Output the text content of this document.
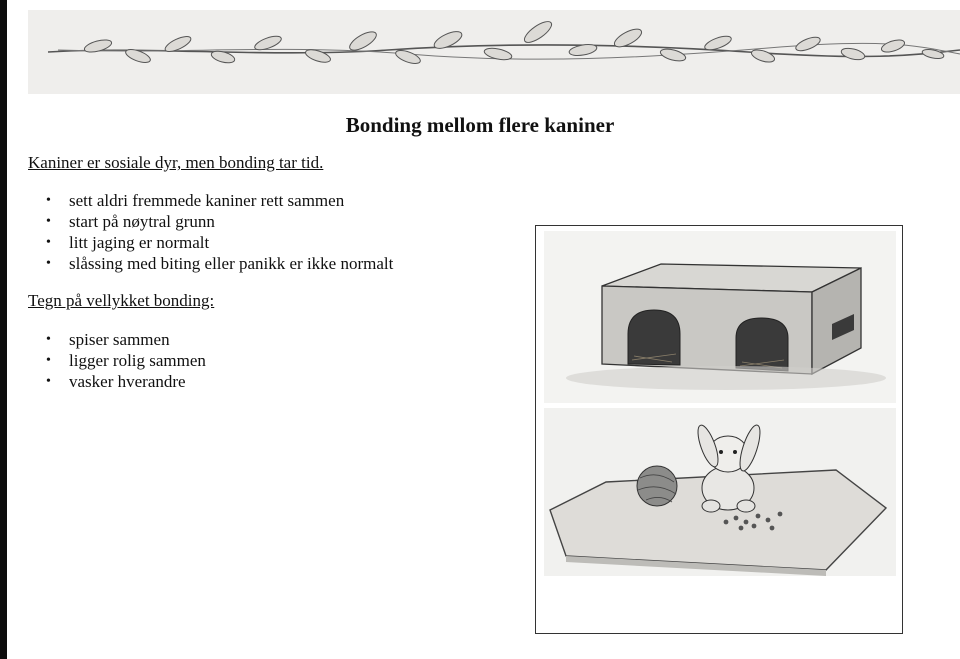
Bonding mellom flere kaniner

Kaniner er sosiale dyr, men bonding tar tid.

• sett aldri fremmede kaniner rett sammen
• start på nøytral grunn
• litt jaging er normalt
• slåssing med biting eller panikk er ikke normalt

Tegn på vellykket bonding:

• spiser sammen
• ligger rolig sammen
• vasker hverandre
